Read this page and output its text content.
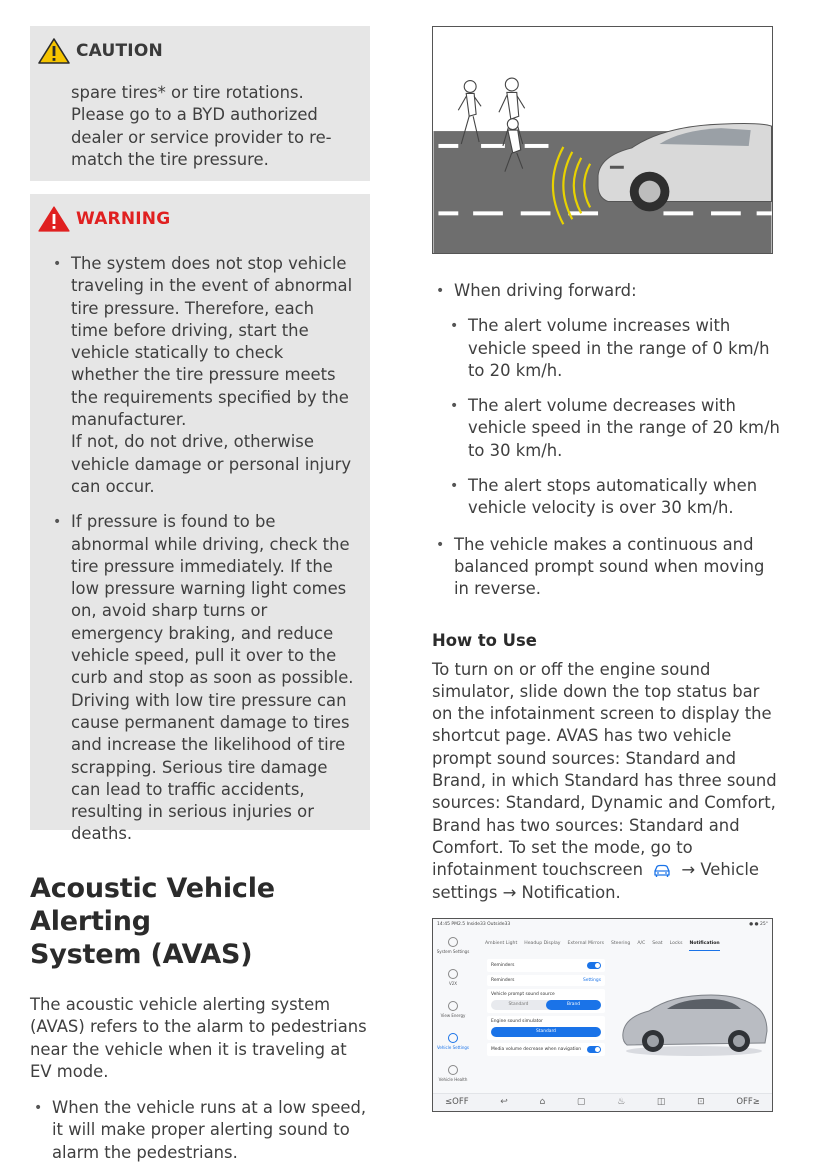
CAUTION

spare tires* or tire rotations. Please go to a BYD authorized dealer or service provider to re-match the tire pressure.

WARNING
• The system does not stop vehicle traveling in the event of abnormal tire pressure. Therefore, each time before driving, start the vehicle statically to check whether the tire pressure meets the requirements specified by the manufacturer.
If not, do not drive, otherwise vehicle damage or personal injury can occur.
• If pressure is found to be abnormal while driving, check the tire pressure immediately. If the low pressure warning light comes on, avoid sharp turns or emergency braking, and reduce vehicle speed, pull it over to the curb and stop as soon as possible. Driving with low tire pressure can cause permanent damage to tires and increase the likelihood of tire scrapping. Serious tire damage can lead to traffic accidents, resulting in serious injuries or deaths.
Acoustic Vehicle Alerting
System (AVAS)

The acoustic vehicle alerting system (AVAS) refers to the alarm to pedestrians near the vehicle when it is traveling at EV mode.

• When the vehicle runs at a low speed, it will make proper alerting sound to alarm the pedestrians.
• When driving forward:
• The alert volume increases with vehicle speed in the range of 0 km/h to 20 km/h.
• The alert volume decreases with vehicle speed in the range of 20 km/h to 30 km/h.
• The alert stops automatically when vehicle velocity is over 30 km/h.
• The vehicle makes a continuous and balanced prompt sound when moving in reverse.
How to Use

To turn on or off the engine sound simulator, slide down the top status bar on the infotainment screen to display the shortcut page. AVAS has two vehicle prompt sound sources: Standard and Brand, in which Standard has three sound sources: Standard, Dynamic and Comfort, Brand has two sources: Standard and Comfort. To set the mode, go to infotainment touchscreen → Vehicle settings → Notification.

14:45 PM2.5 Inside33 Outside33	● ● 25°
System Settings
V2X
View Energy
Vehicle Settings
Vehicle Health
Ambient Light Headup Display External Mirrors Steering A/C Seat Locks Notification
Reminders
Reminders	Settings
Vehicle prompt sound source
Standard	Brand
Engine sound simulator
Standard
Media volume decrease when navigation
≤OFF	↩	⌂	▢	♨	◫	⊡	OFF≥
